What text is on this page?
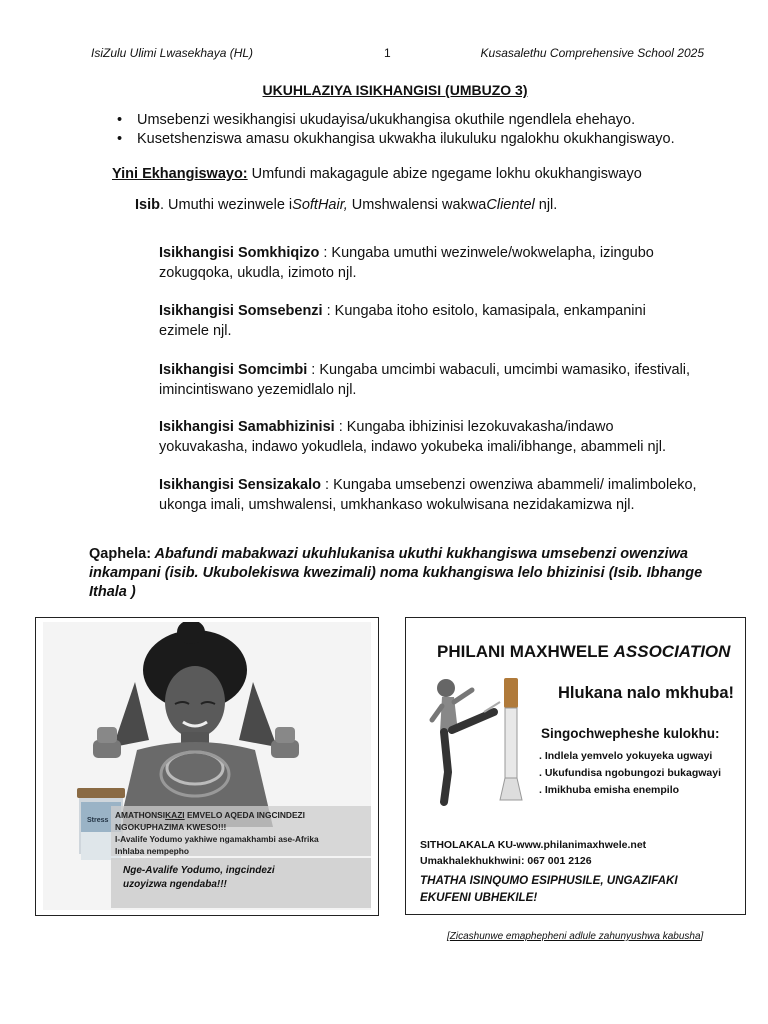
IsiZulu Ulimi Lwasekhaya (HL)	1	Kusasalethu Comprehensive School 2025
UKUHLAZIYA ISIKHANGISI (UMBUZO 3)
• Umsebenzi wesikhangisi ukudayisa/ukukhangisa okuthile ngendlela ehehayo.
• Kusetshenziswa amasu okukhangisa ukwakha ilukuluku ngalokhu okukhangiswayo.
Yini Ekhangiswayo: Umfundi makagagule abize ngegame lokhu okukhangiswayo
Isib. Umuthi wezinwele iSoftHair, Umshwalensi wakwaClientel njl.
Isikhangisi Somkhiqizo : Kungaba umuthi wezinwele/wokwelapha, izingubo zokugqoka, ukudla, izimoto njl.
Isikhangisi Somsebenzi : Kungaba itoho esitolo, kamasipala, enkampanini ezimele njl.
Isikhangisi Somcimbi : Kungaba umcimbi wabaculi, umcimbi wamasiko, ifestivali, imincintiswano yezemidlalo njl.
Isikhangisi Samabhizinisi : Kungaba ibhizinisi lezokuvakasha/indawo yokuvakasha, indawo yokudlela, indawo yokubeka imali/ibhange, abammeli njl.
Isikhangisi Sensizakalo : Kungaba umsebenzi owenziwa abammeli/ imalimboleko, ukonga imali, umshwalensi, umkhankaso wokulwisana nezidakamizwa njl.
Qaphela: Abafundi mabakwazi ukuhlukanisa ukuthi kukhangiswa umsebenzi owenziwa inkampani (isib. Ukubolekiswa kwezimali) noma kukhangiswa lelo bhizinisi (Isib. Ibhange Ithala )
Stress
AMATHONSIKAZI EMVELO AQEDA INGCINDEZI
NGOKUPHAZIMA KWESO!!!
I-Avalife Yodumo yakhiwe ngamakhambi ase-Afrika
Inhlaba nempepho
Nge-Avalife Yodumo, ingcindezi
uzoyizwa ngendaba!!!
PHILANI MAXHWELE ASSOCIATION
Hlukana nalo mkhuba!
Singochwepheshe kulokhu:
. Indlela yemvelo yokuyeka ugwayi
. Ukufundisa ngobungozi bukagwayi
. Imikhuba emisha enempilo
SITHOLAKALA KU-www.philanimaxhwele.net
Umakhalekhukhwini: 067 001 2126
THATHA ISINQUMO ESIPHUSILE, UNGAZIFAKI
EKUFENI UBHEKILE!
[Zicashunwe emaphepheni adlule zahunyushwa kabusha]
